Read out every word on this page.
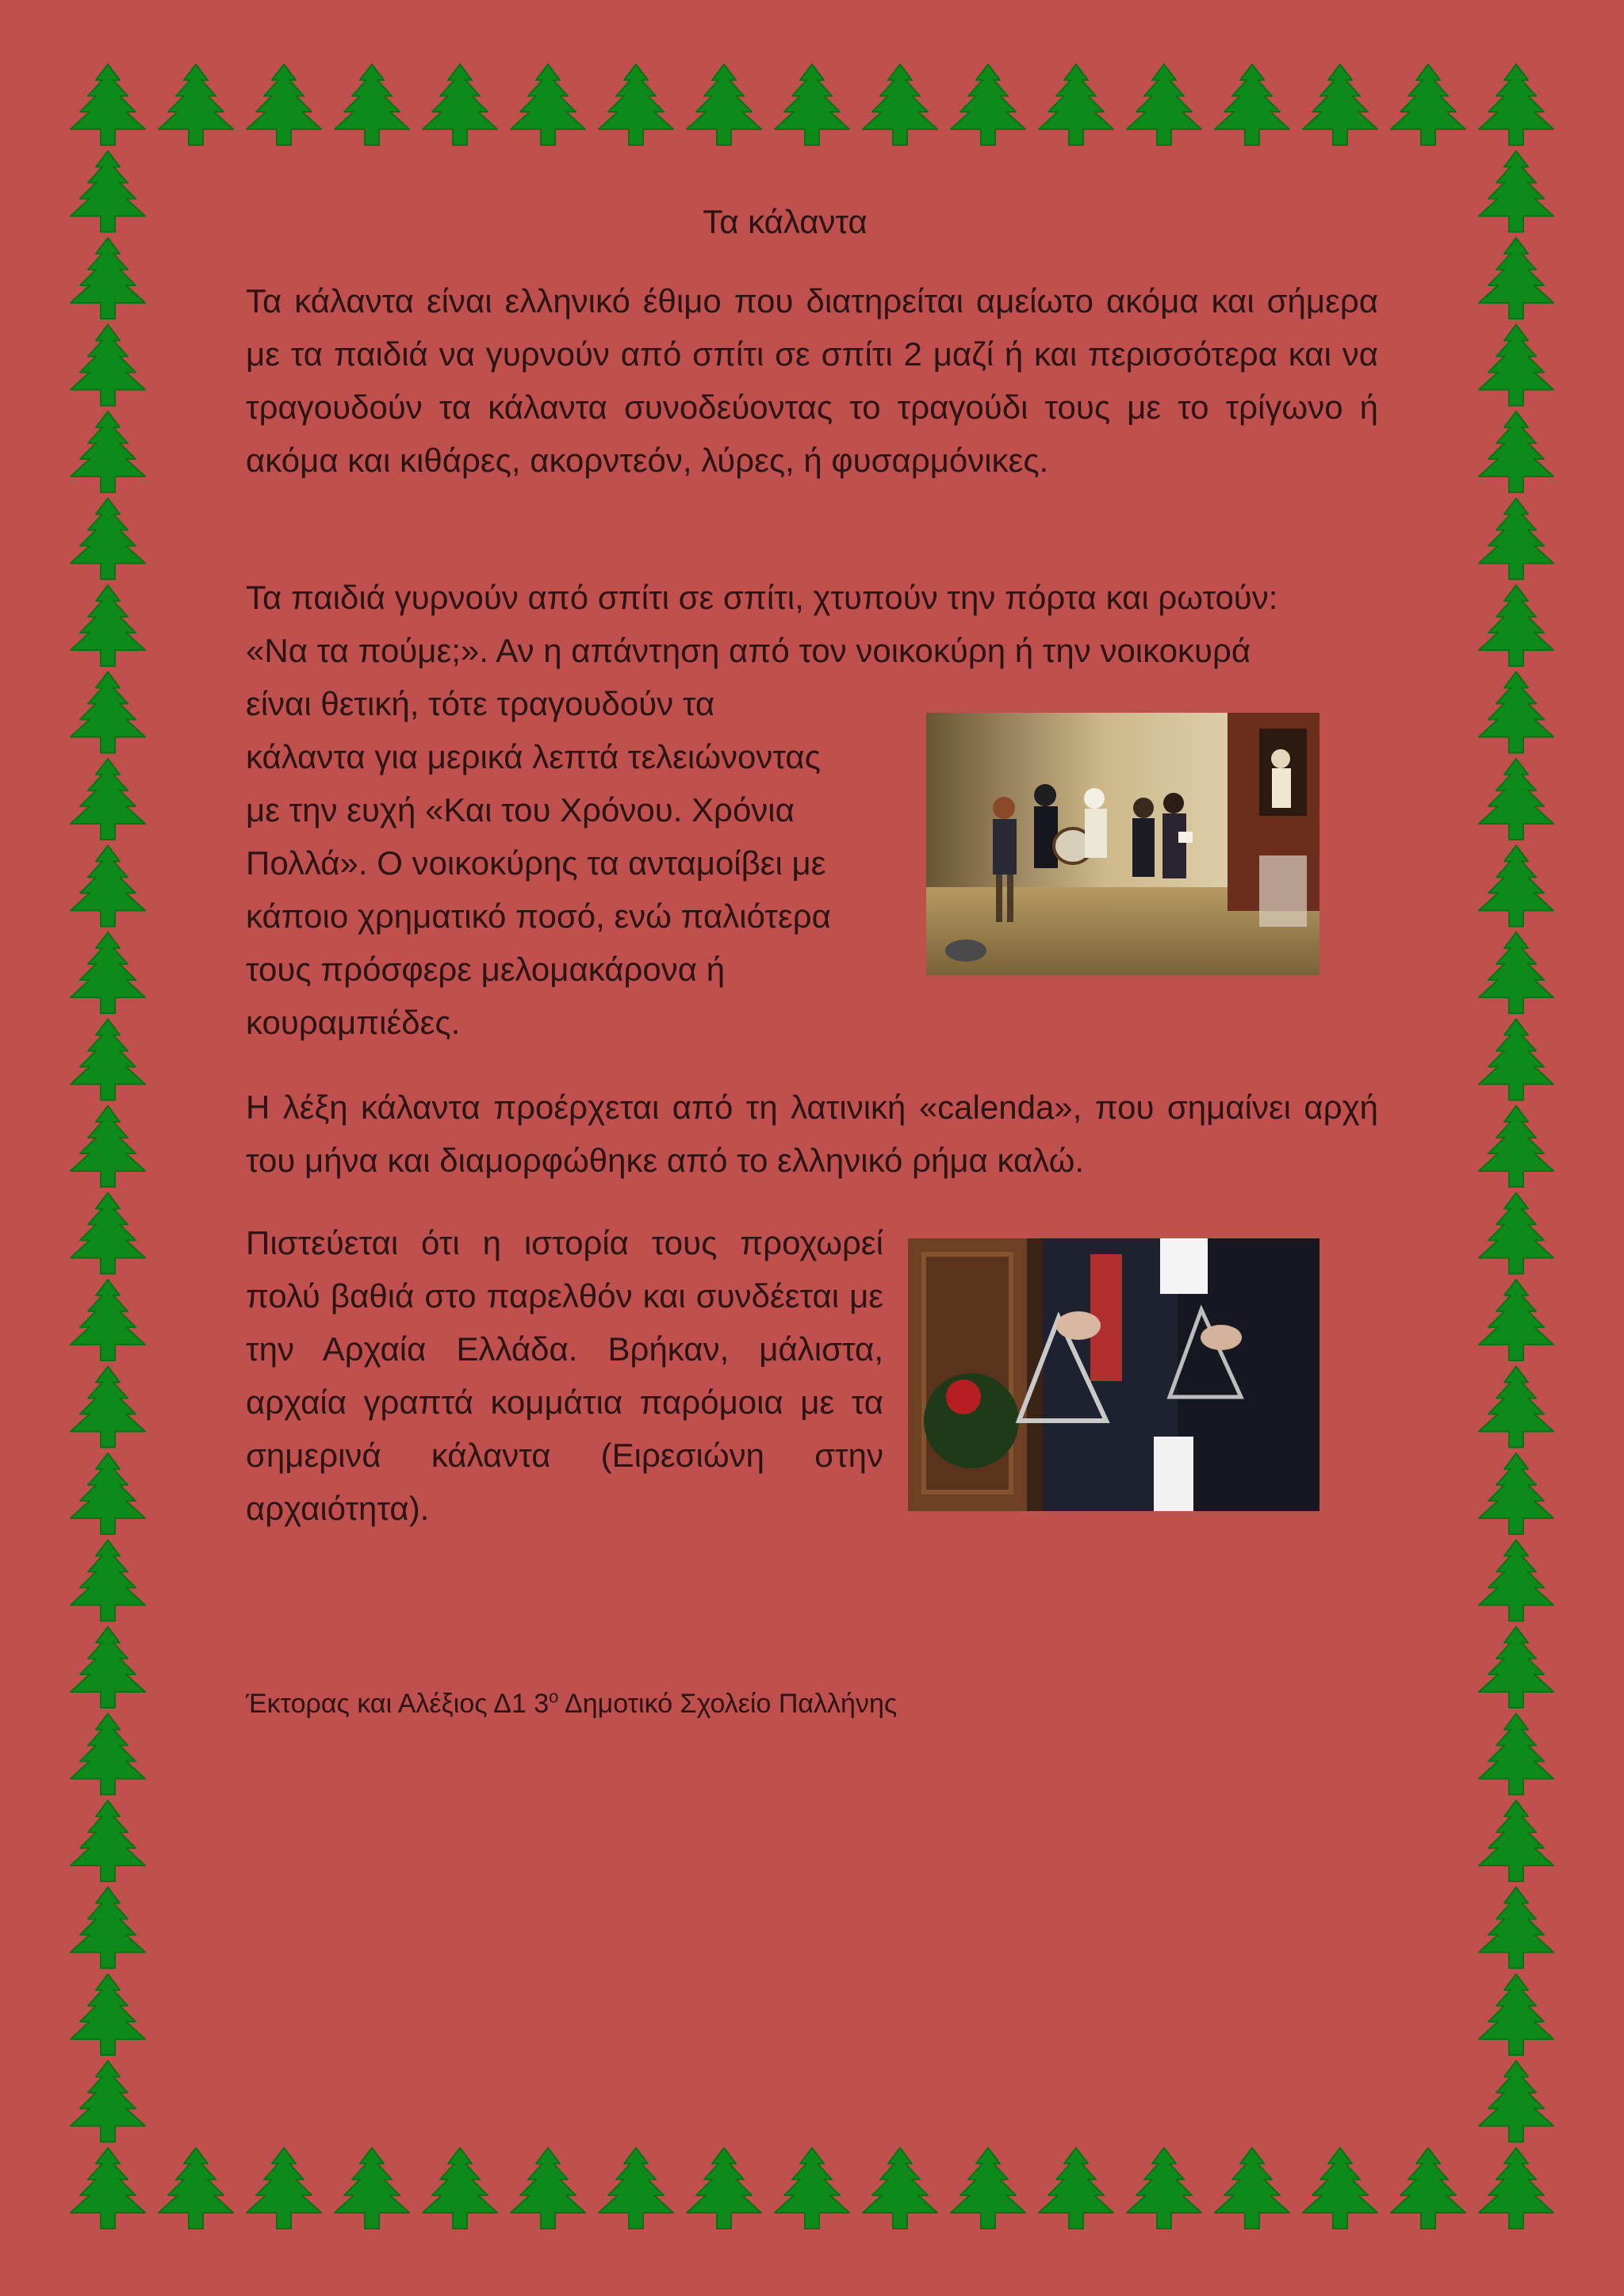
Τα κάλαντα
Τα κάλαντα είναι ελληνικό έθιμο που διατηρείται αμείωτο ακόμα και σήμερα με τα παιδιά να γυρνούν από σπίτι σε σπίτι 2 μαζί ή και περισσότερα και να τραγουδούν τα κάλαντα συνοδεύοντας το τραγούδι τους με το τρίγωνο ή ακόμα και κιθάρες, ακορντεόν, λύρες, ή φυσαρμόνικες.
Τα παιδιά γυρνούν από σπίτι σε σπίτι, χτυπούν την πόρτα και ρωτούν:
«Να τα πούμε;». Αν η απάντηση από τον νοικοκύρη ή την νοικοκυρά
είναι θετική, τότε τραγουδούν τα
κάλαντα για μερικά λεπτά τελειώνοντας
με την ευχή «Και του Χρόνου. Χρόνια
Πολλά». Ο νοικοκύρης τα ανταμοίβει με
κάποιο χρηματικό ποσό, ενώ παλιότερα
τους πρόσφερε μελομακάρονα ή
κουραμπιέδες.
Η λέξη κάλαντα προέρχεται από τη λατινική «calenda», που σημαίνει αρχή του μήνα και διαμορφώθηκε από το ελληνικό ρήμα καλώ.
Πιστεύεται ότι η ιστορία τους προχωρεί πολύ βαθιά στο παρελθόν και συνδέεται με την Αρχαία Ελλάδα. Βρήκαν, μάλιστα, αρχαία γραπτά κομμάτια παρόμοια με τα σημερινά κάλαντα (Ειρεσιώνη στην αρχαιότητα).
Έκτορας και Αλέξιος Δ1 $3^o$ Δημοτικό Σχολείο Παλλήνης
